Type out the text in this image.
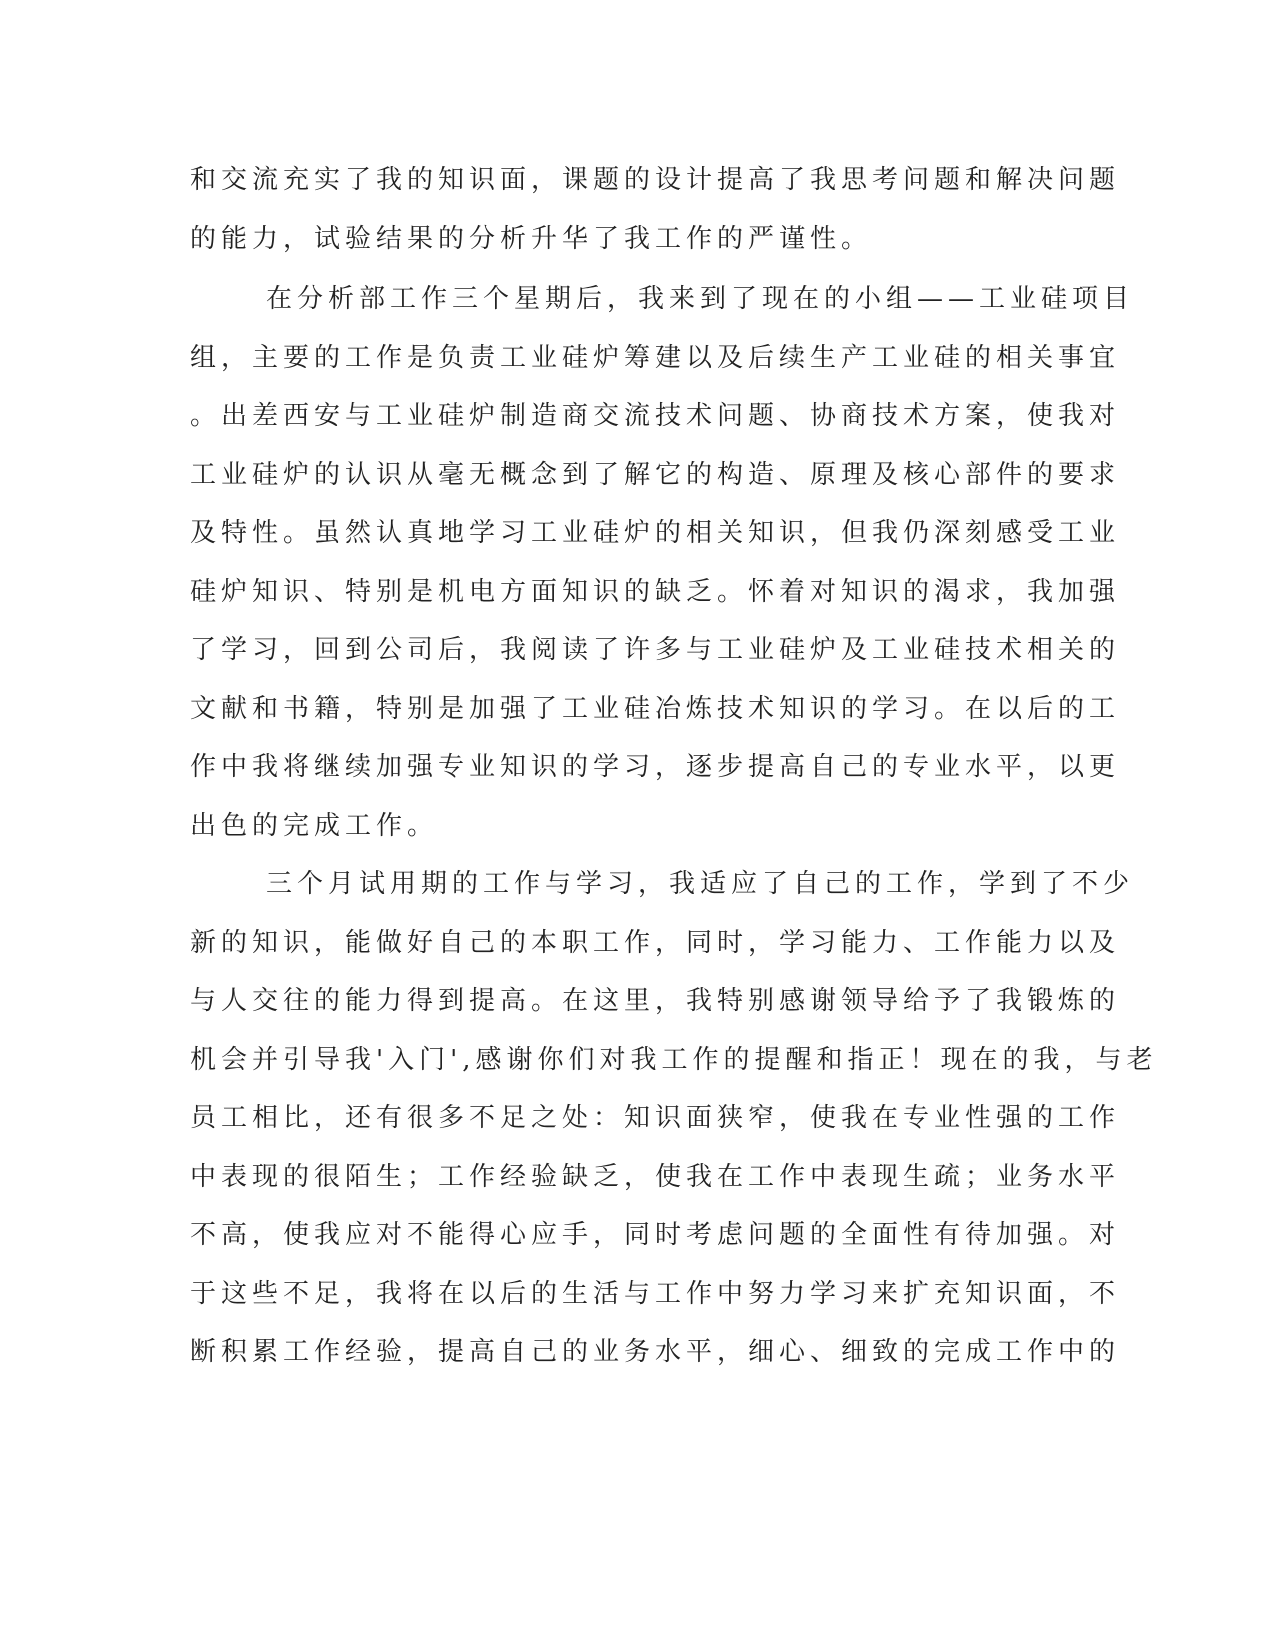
和交流充实了我的知识面，课题的设计提高了我思考问题和解决问题
的能力，试验结果的分析升华了我工作的严谨性。
在分析部工作三个星期后，我来到了现在的小组——工业硅项目
组，主要的工作是负责工业硅炉筹建以及后续生产工业硅的相关事宜
。出差西安与工业硅炉制造商交流技术问题、协商技术方案，使我对
工业硅炉的认识从毫无概念到了解它的构造、原理及核心部件的要求
及特性。虽然认真地学习工业硅炉的相关知识，但我仍深刻感受工业
硅炉知识、特别是机电方面知识的缺乏。怀着对知识的渴求，我加强
了学习，回到公司后，我阅读了许多与工业硅炉及工业硅技术相关的
文献和书籍，特别是加强了工业硅冶炼技术知识的学习。在以后的工
作中我将继续加强专业知识的学习，逐步提高自己的专业水平，以更
出色的完成工作。
三个月试用期的工作与学习，我适应了自己的工作，学到了不少
新的知识，能做好自己的本职工作，同时，学习能力、工作能力以及
与人交往的能力得到提高。在这里，我特别感谢领导给予了我锻炼的
机会并引导我'入门',感谢你们对我工作的提醒和指正！现在的我，与老
员工相比，还有很多不足之处：知识面狭窄，使我在专业性强的工作
中表现的很陌生；工作经验缺乏，使我在工作中表现生疏；业务水平
不高，使我应对不能得心应手，同时考虑问题的全面性有待加强。对
于这些不足，我将在以后的生活与工作中努力学习来扩充知识面，不
断积累工作经验，提高自己的业务水平，细心、细致的完成工作中的
